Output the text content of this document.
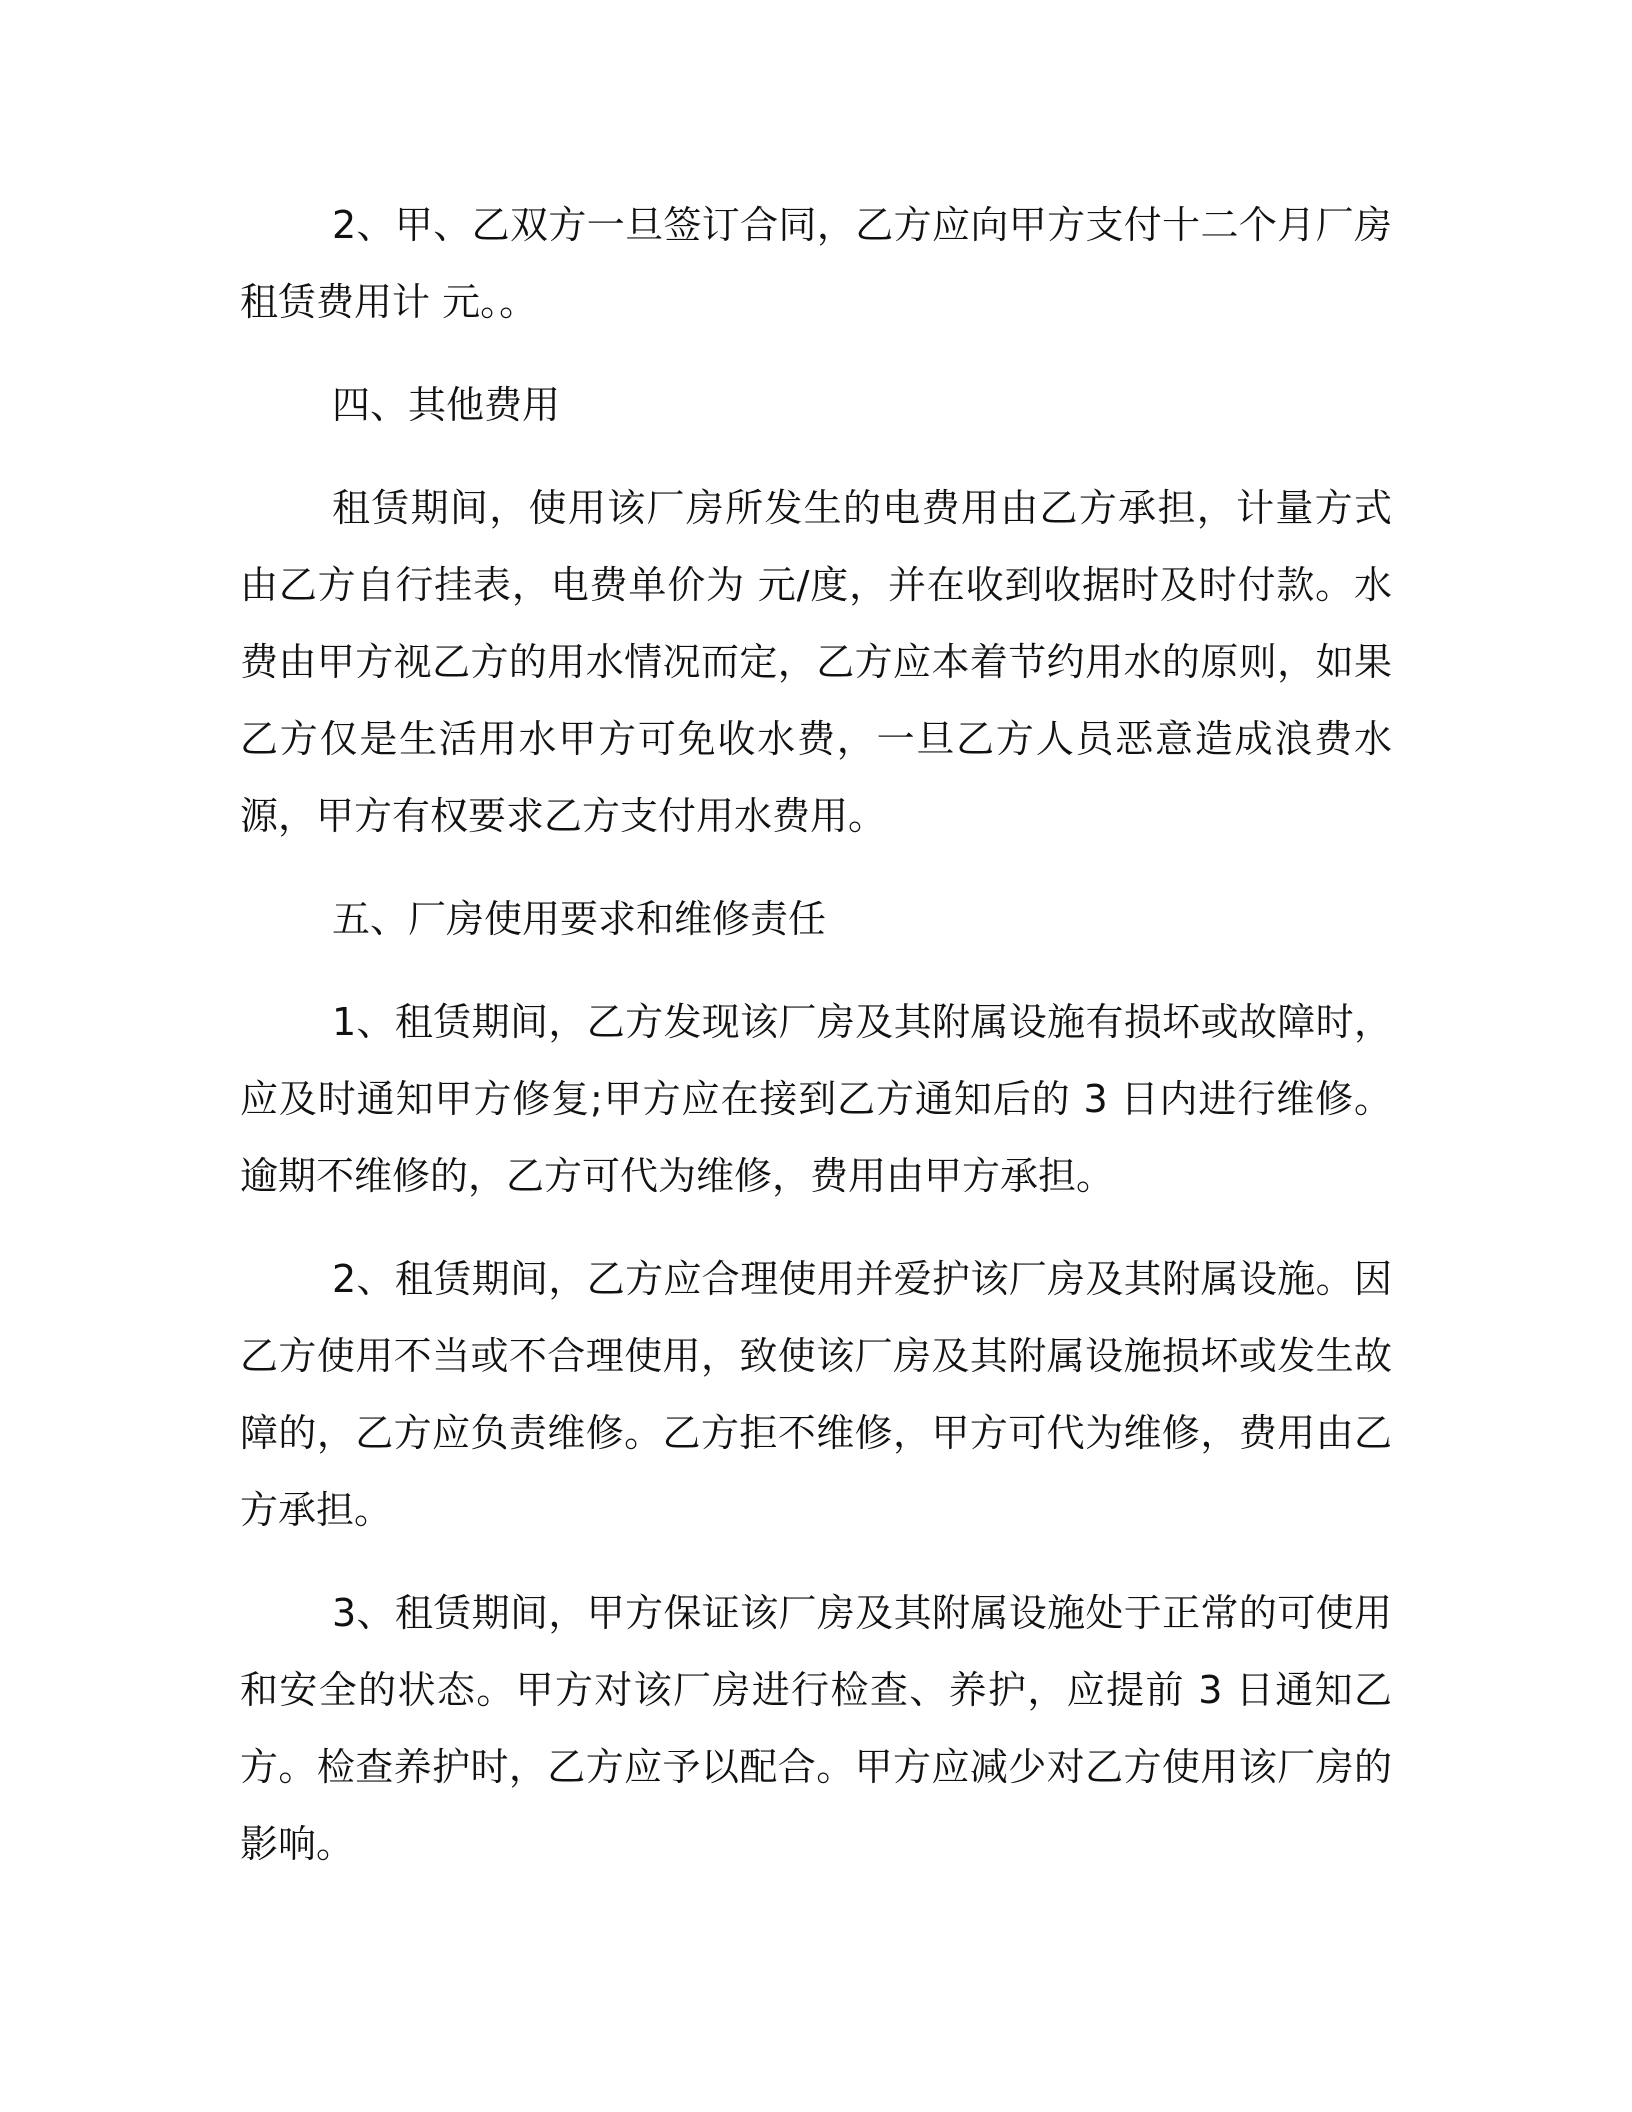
2、甲、乙双方一旦签订合同，乙方应向甲方支付十二个月厂房租赁费用计 元。。

四、其他费用

租赁期间，使用该厂房所发生的电费用由乙方承担，计量方式由乙方自行挂表，电费单价为 元/度，并在收到收据时及时付款。水费由甲方视乙方的用水情况而定，乙方应本着节约用水的原则，如果乙方仅是生活用水甲方可免收水费，一旦乙方人员恶意造成浪费水源，甲方有权要求乙方支付用水费用。

五、厂房使用要求和维修责任

1、租赁期间，乙方发现该厂房及其附属设施有损坏或故障时，应及时通知甲方修复;甲方应在接到乙方通知后的 3 日内进行维修。逾期不维修的，乙方可代为维修，费用由甲方承担。

2、租赁期间，乙方应合理使用并爱护该厂房及其附属设施。因乙方使用不当或不合理使用，致使该厂房及其附属设施损坏或发生故障的，乙方应负责维修。乙方拒不维修，甲方可代为维修，费用由乙方承担。

3、租赁期间，甲方保证该厂房及其附属设施处于正常的可使用和安全的状态。甲方对该厂房进行检查、养护，应提前 3 日通知乙方。检查养护时，乙方应予以配合。甲方应减少对乙方使用该厂房的影响。
